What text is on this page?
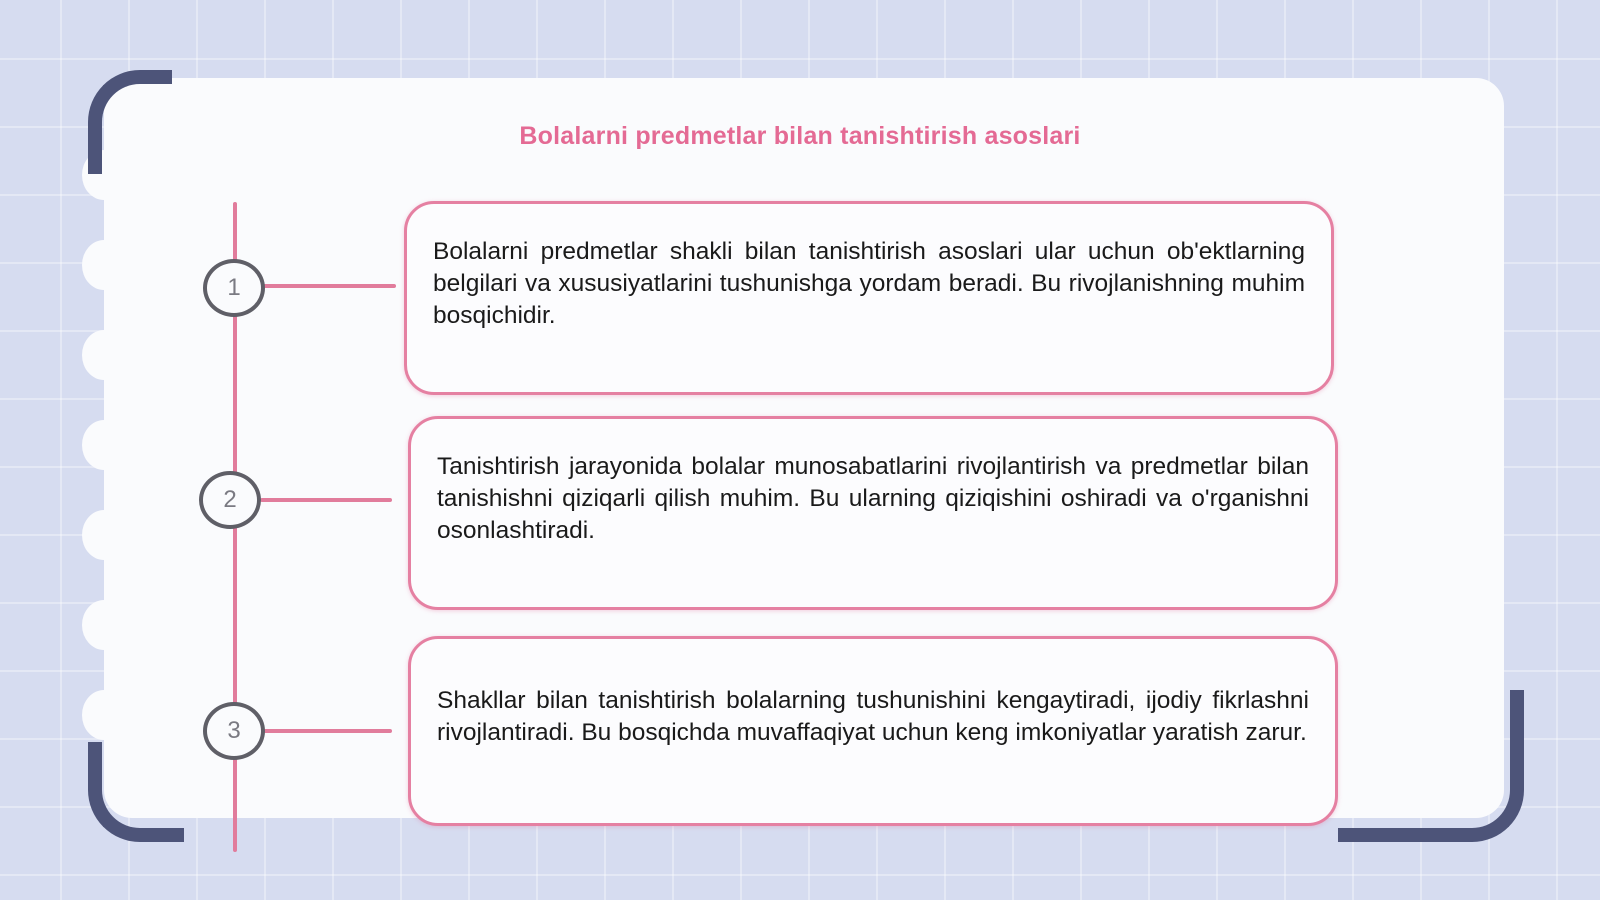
Bolalarni predmetlar bilan tanishtirish asoslari
1
Bolalarni predmetlar shakli bilan tanishtirish asoslari ular uchun ob'ektlarning belgilari va xususiyatlarini tushunishga yordam beradi. Bu rivojlanishning muhim bosqichidir.
2
Tanishtirish jarayonida bolalar munosabatlarini rivojlantirish va predmetlar bilan tanishishni qiziqarli qilish muhim. Bu ularning qiziqishini oshiradi va o'rganishni osonlashtiradi.
3
Shakllar bilan tanishtirish bolalarning tushunishini kengaytiradi, ijodiy fikrlashni rivojlantiradi. Bu bosqichda muvaffaqiyat uchun keng imkoniyatlar yaratish zarur.
